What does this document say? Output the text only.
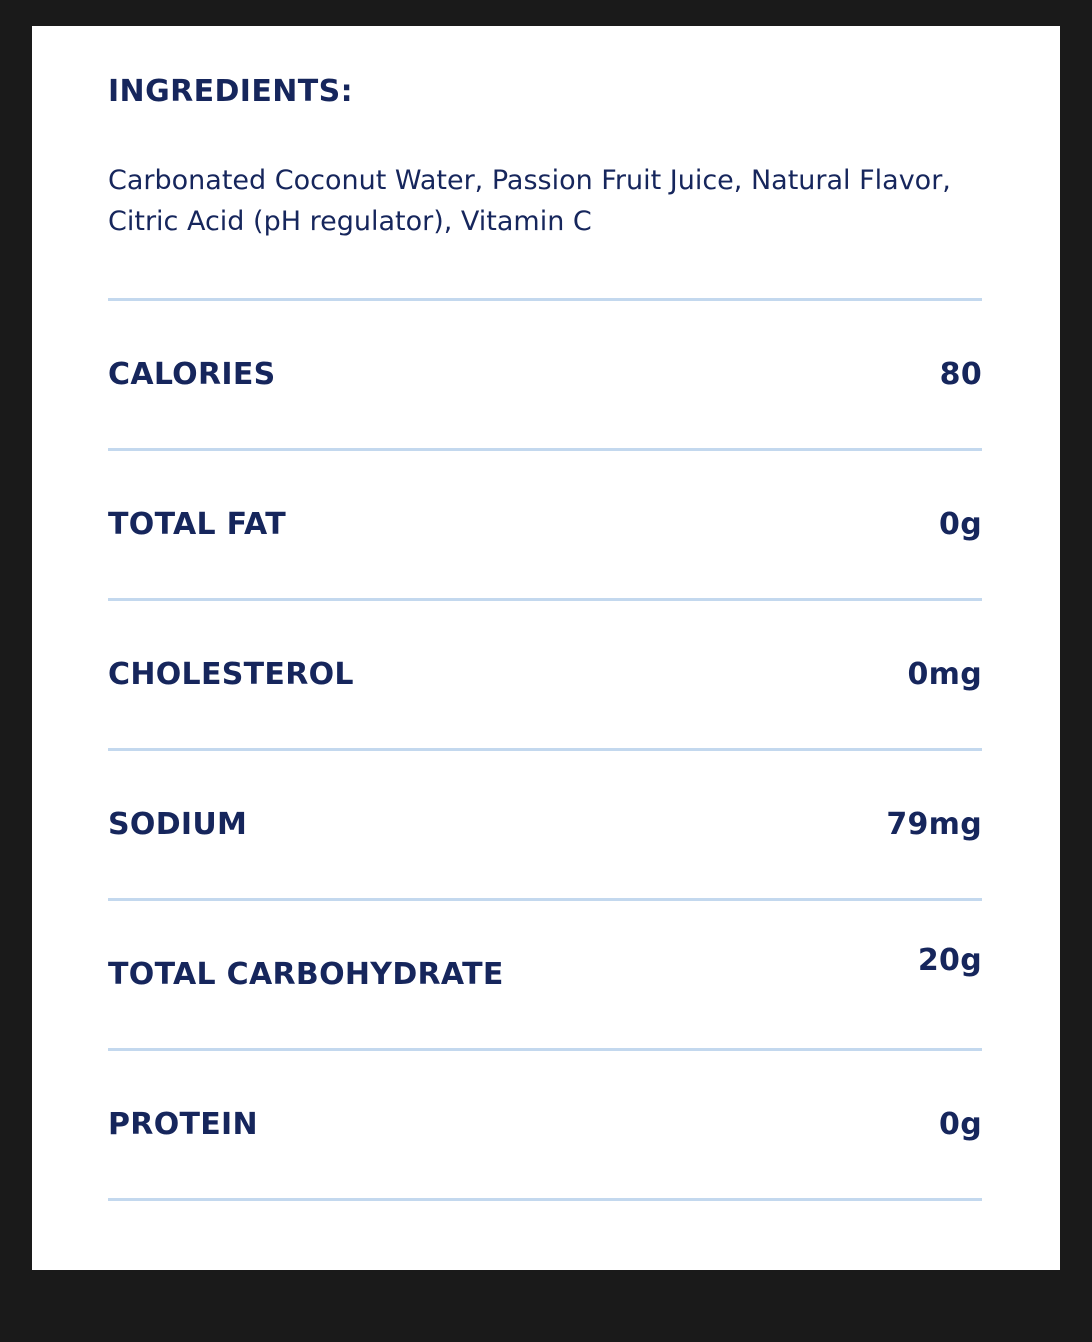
INGREDIENTS:

Carbonated Coconut Water, Passion Fruit Juice, Natural Flavor, Citric Acid (pH regulator), Vitamin C

CALORIES	80
TOTAL FAT	0g
CHOLESTEROL	0mg
SODIUM	79mg
TOTAL CARBOHYDRATE	20g
PROTEIN	0g
